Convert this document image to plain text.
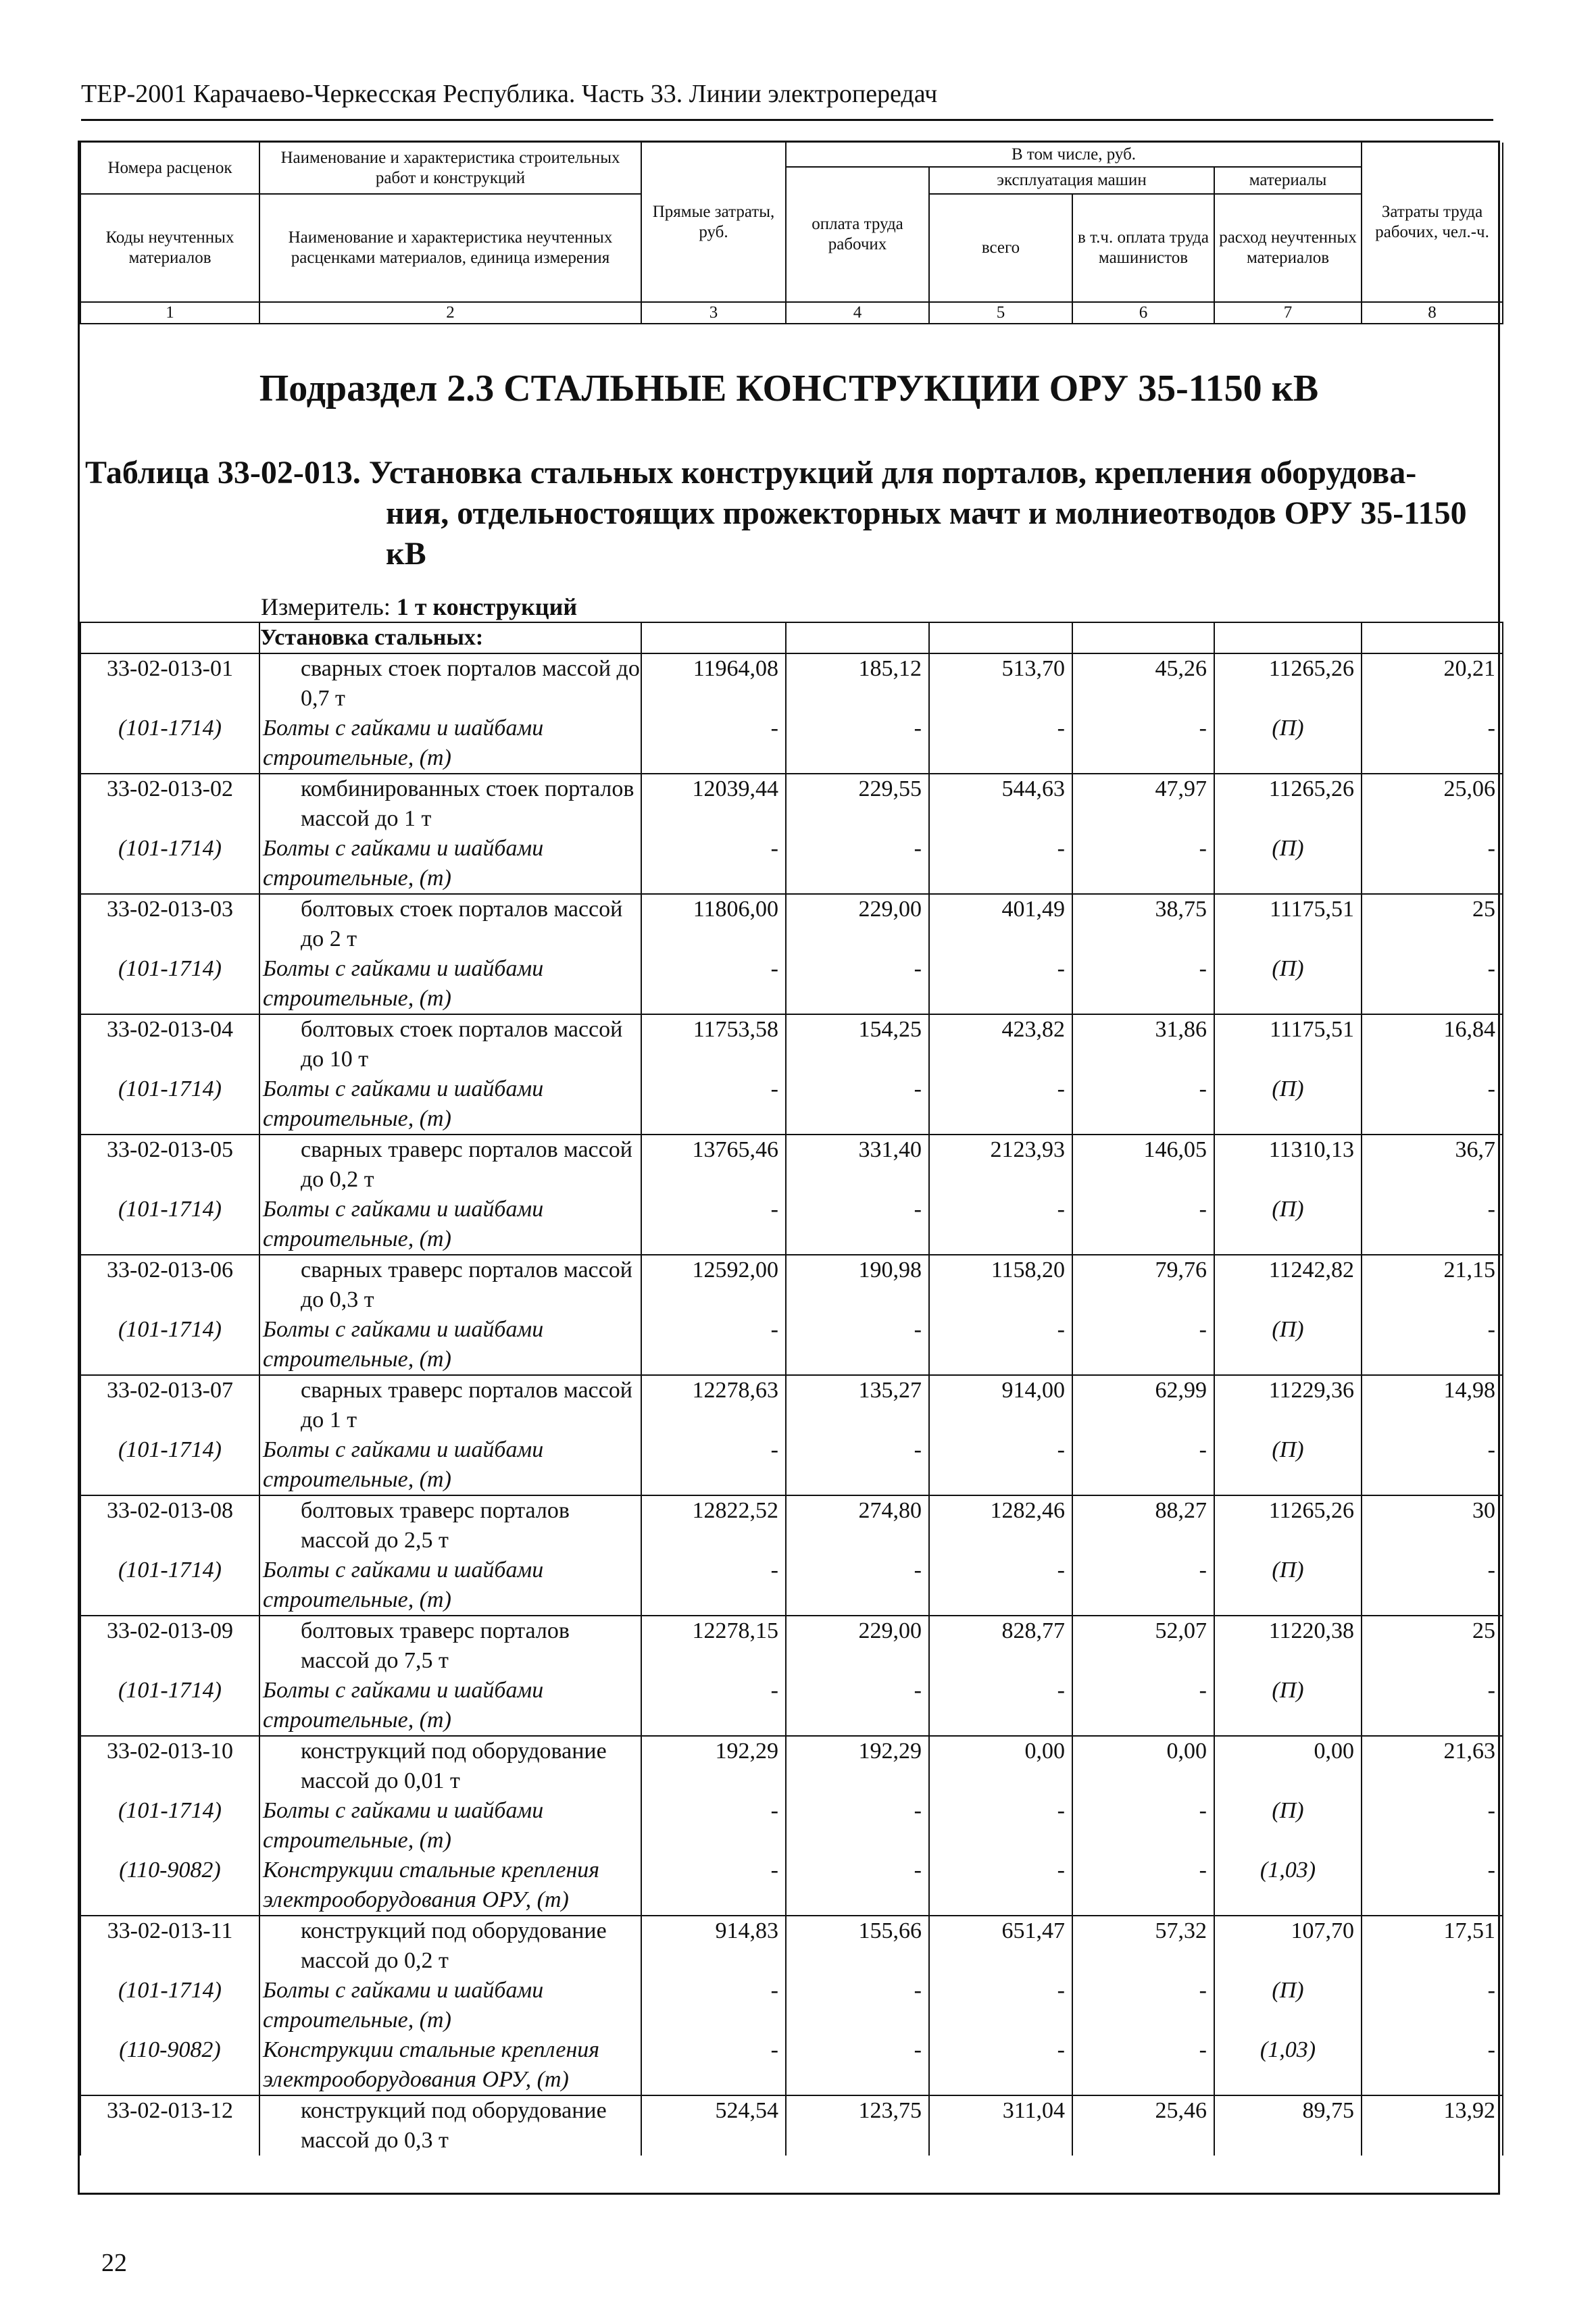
ТЕР-2001 Карачаево-Черкесская Республика. Часть 33. Линии электропередач
Номера расценок	Наименование и характеристика строительных работ и конструкций	Прямые затраты, руб.	В том числе, руб.				Затраты труда рабочих, чел.-ч.
			оплата труда рабочих	эксплуатация машин		материалы	
Коды неучтенных материалов	Наименование и характеристика неучтенных расценками материалов, единица измерения			всего	в т.ч. оплата труда машинистов	расход неучтенных материалов	

1	2	3	4	5	6	7	8
Подраздел 2.3 СТАЛЬНЫЕ КОНСТРУКЦИИ ОРУ 35-1150 кВ
Таблица 33-02-013. Установка стальных конструкций для порталов, крепления оборудова-
ния, отдельностоящих прожекторных мачт и молниеотводов ОРУ 35-1150 кВ
Измеритель: 1 т конструкций
	Установка стальных:						
33-02-013-01	сварных стоек порталов массой до 0,7 т	11964,08	185,12	513,70	45,26	11265,26	20,21
(101-1714)	Болты с гайками и шайбами строительные, (т)	-	-	-	-	(П)	-
33-02-013-02	комбинированных стоек порталов массой до 1 т	12039,44	229,55	544,63	47,97	11265,26	25,06
(101-1714)	Болты с гайками и шайбами строительные, (т)	-	-	-	-	(П)	-
33-02-013-03	болтовых стоек порталов массой до 2 т	11806,00	229,00	401,49	38,75	11175,51	25
(101-1714)	Болты с гайками и шайбами строительные, (т)	-	-	-	-	(П)	-
33-02-013-04	болтовых стоек порталов массой до 10 т	11753,58	154,25	423,82	31,86	11175,51	16,84
(101-1714)	Болты с гайками и шайбами строительные, (т)	-	-	-	-	(П)	-
33-02-013-05	сварных траверс порталов массой до 0,2 т	13765,46	331,40	2123,93	146,05	11310,13	36,7
(101-1714)	Болты с гайками и шайбами строительные, (т)	-	-	-	-	(П)	-
33-02-013-06	сварных траверс порталов массой до 0,3 т	12592,00	190,98	1158,20	79,76	11242,82	21,15
(101-1714)	Болты с гайками и шайбами строительные, (т)	-	-	-	-	(П)	-
33-02-013-07	сварных траверс порталов массой до 1 т	12278,63	135,27	914,00	62,99	11229,36	14,98
(101-1714)	Болты с гайками и шайбами строительные, (т)	-	-	-	-	(П)	-
33-02-013-08	болтовых траверс порталов массой до 2,5 т	12822,52	274,80	1282,46	88,27	11265,26	30
(101-1714)	Болты с гайками и шайбами строительные, (т)	-	-	-	-	(П)	-
33-02-013-09	болтовых траверс порталов массой до 7,5 т	12278,15	229,00	828,77	52,07	11220,38	25
(101-1714)	Болты с гайками и шайбами строительные, (т)	-	-	-	-	(П)	-
33-02-013-10	конструкций под оборудование массой до 0,01 т	192,29	192,29	0,00	0,00	0,00	21,63
(101-1714)	Болты с гайками и шайбами строительные, (т)	-	-	-	-	(П)	-
(110-9082)	Конструкции стальные крепления электрооборудования ОРУ, (т)	-	-	-	-	(1,03)	-
33-02-013-11	конструкций под оборудование массой до 0,2 т	914,83	155,66	651,47	57,32	107,70	17,51
(101-1714)	Болты с гайками и шайбами строительные, (т)	-	-	-	-	(П)	-
(110-9082)	Конструкции стальные крепления электрооборудования ОРУ, (т)	-	-	-	-	(1,03)	-
33-02-013-12	конструкций под оборудование массой до 0,3 т	524,54	123,75	311,04	25,46	89,75	13,92
22
